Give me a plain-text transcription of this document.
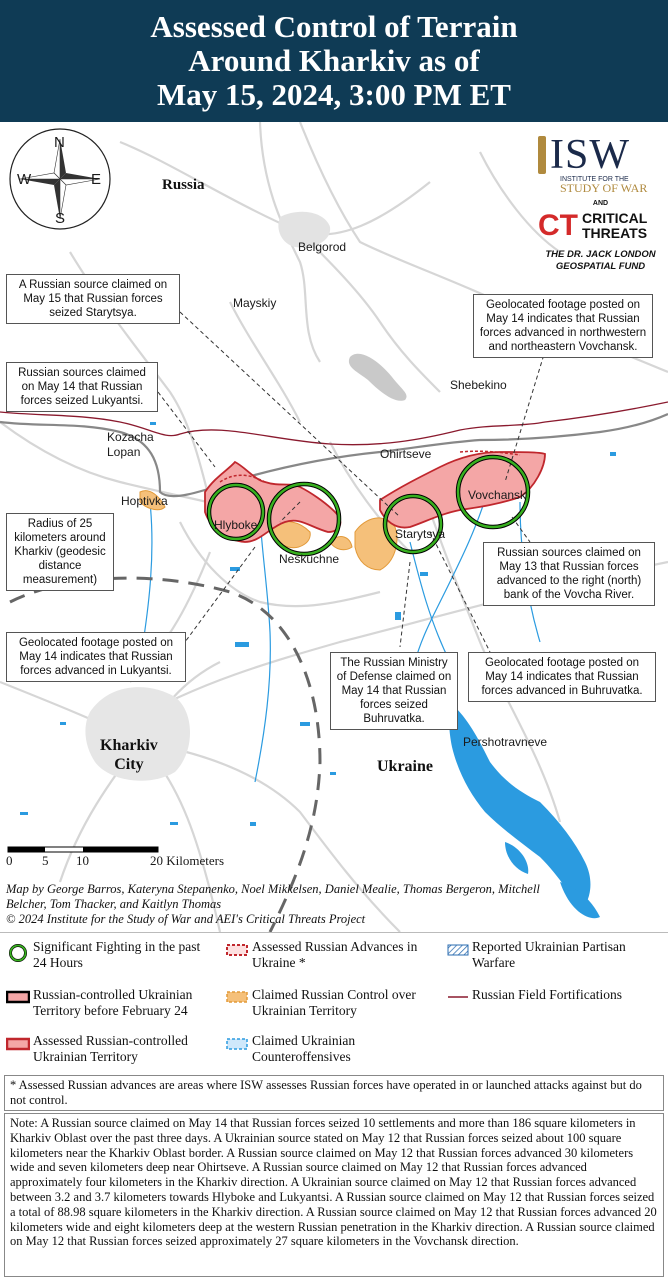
Assessed Control of Terrain
Around Kharkiv as of
May 15, 2024, 3:00 PM ET
N
S
W	E
ISW
INSTITUTE FOR THE
STUDY OF WAR
AND
CT CRITICAL
THREATS
THE DR. JACK LONDON
GEOSPATIAL FUND
Russia
Ukraine
Kharkiv
City
Belgorod
Mayskiy
Shebekino
Kozacha
Lopan	Ohirtseve
Hoptivka
Hlyboke
Neskuchne
Starytsya
Vovchansk
Pershotravneve
A Russian source claimed on May 15 that Russian forces seized Starytsya.
Russian sources claimed on May 14 that Russian forces seized Lukyantsi.
Radius of 25 kilometers around Kharkiv (geodesic distance measurement)
Geolocated footage posted on May 14 indicates that Russian forces advanced in Lukyantsi.
Geolocated footage posted on May 14 indicates that Russian forces advanced in northwestern and northeastern Vovchansk.
Russian sources claimed on May 13 that Russian forces advanced to the right (north) bank of the Vovcha River.
The Russian Ministry of Defense claimed on May 14 that Russian forces seized Buhruvatka.
Geolocated footage posted on May 14 indicates that Russian forces advanced in Buhruvatka.
0 5 10	20 Kilometers
Map by George Barros, Kateryna Stepanenko, Noel Mikkelsen, Daniel Mealie, Thomas Bergeron, Mitchell
Belcher, Tom Thacker, and Kaitlyn Thomas
© 2024 Institute for the Study of War and AEI's Critical Threats Project
Significant Fighting in the past 24 Hours
Assessed Russian Advances in Ukraine *
Reported Ukrainian Partisan Warfare
Russian-controlled Ukrainian Territory before February 24
Claimed Russian Control over Ukrainian Territory
Russian Field Fortifications
Assessed Russian-controlled Ukrainian Territory
Claimed Ukrainian Counteroffensives
* Assessed Russian advances are areas where ISW assesses Russian forces have operated in or launched attacks against but do not control.
Note: A Russian source claimed on May 14 that Russian forces seized 10 settlements and more than 186 square kilometers in Kharkiv Oblast over the past three days. A Ukrainian source stated on May 12 that Russian forces seized about 100 square kilometers near the Kharkiv Oblast border. A Russian source claimed on May 12 that Russian forces advanced 30 kilometers wide and seven kilometers deep near Ohirtseve. A Russian source claimed on May 12 that Russian forces advanced approximately four kilometers in the Kharkiv direction. A Ukrainian source claimed on May 12 that Russian forces advanced between 3.2 and 3.7 kilometers towards Hlyboke and Lukyantsi. A Russian source claimed on May 12 that Russian forces seized a total of 88.98 square kilometers in the Kharkiv direction. A Russian source claimed on May 12 that Russian forces advanced 20 kilometers wide and eight kilometers deep at the western Russian penetration in the Kharkiv direction. A Russian source claimed on May 12 that Russian forces seized approximately 27 square kilometers in the Vovchansk direction.
